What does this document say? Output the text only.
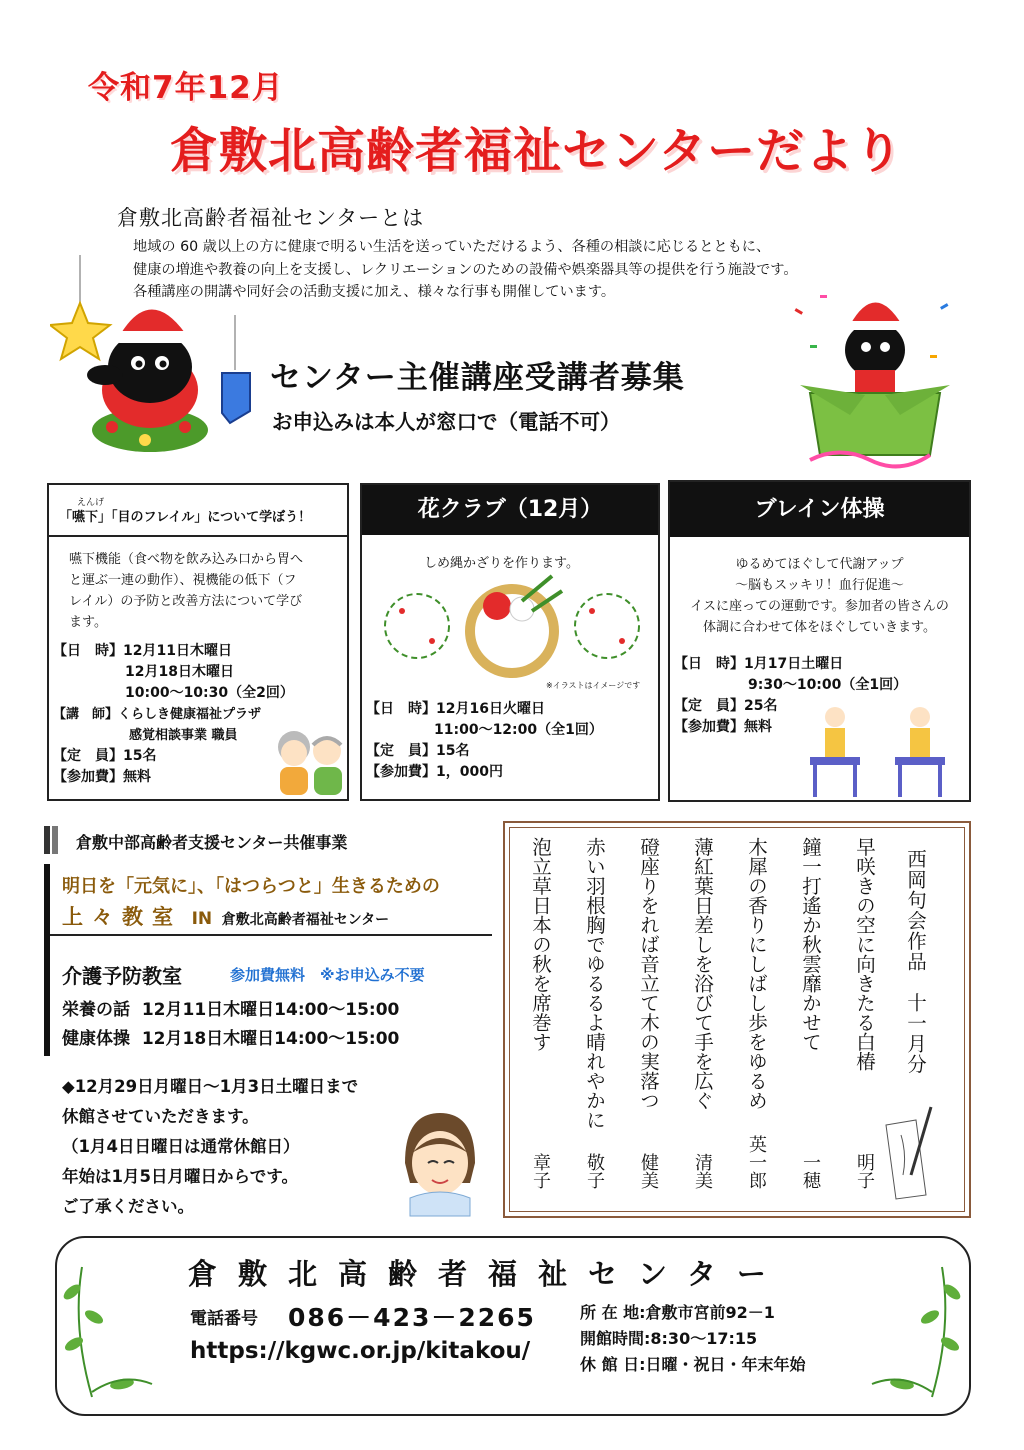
令和7年12月
倉敷北高齢者福祉センターだより
倉敷北高齢者福祉センターとは
地域の 60 歳以上の方に健康で明るい生活を送っていただけるよう、各種の相談に応じるとともに、
健康の増進や教養の向上を支援し、レクリエーションのための設備や娯楽器具等の提供を行う施設です。
各種講座の開講や同好会の活動支援に加え、様々な行事も開催しています。
センター主催講座受講者募集
お申込みは本人が窓口で（電話不可）
えんげ
「嚥下」「目のフレイル」について学ぼう！
嚥下機能（食べ物を飲み込み口から胃へ
と運ぶ一連の動作）、視機能の低下（フ
レイル）の予防と改善方法について学び
ます。
【日　時】12月11日木曜日
12月18日木曜日
10:00～10:30（全2回）
【講　師】くらしき健康福祉プラザ
感覚相談事業 職員
【定　員】15名
【参加費】無料
花クラブ（12月）
しめ縄かざりを作ります。
※イラストはイメージです
【日　時】12月16日火曜日
11:00～12:00（全1回）
【定　員】15名
【参加費】1，000円
ブレイン体操
ゆるめてほぐして代謝アップ
～脳もスッキリ！血行促進～
イスに座っての運動です。参加者の皆さんの
体調に合わせて体をほぐしていきます。
【日　時】1月17日土曜日
9:30～10:00（全1回）
【定　員】25名
【参加費】無料
倉敷中部高齢者支援センター共催事業
明日を「元気に」、「はつらつと」生きるための
上々教室 IN 倉敷北高齢者福祉センター
介護予防教室	参加費無料　※お申込み不要
栄養の話 12月11日木曜日14:00～15:00
健康体操 12月18日木曜日14:00～15:00
◆12月29日月曜日～1月3日土曜日まで
休館させていただきます。
（1月4日日曜日は通常休館日）
年始は1月5日月曜日からです。
ご了承ください。
西岡句会作品　十一月分
早咲きの空に向きたる白椿
明子
鐘一打遙か秋雲靡かせて
一穂
木犀の香りにしばし歩をゆるめ
英一郎
薄紅葉日差しを浴びて手を広ぐ
清美
磴座りをれば音立て木の実落つ
健美
赤い羽根胸でゆるるよ晴れやかに
敬子
泡立草日本の秋を席巻す
章子
倉敷北高齢者福祉センター
電話番号 086－423－2265
https://kgwc.or.jp/kitakou/
所 在 地:倉敷市宮前92－1
開館時間:8:30～17:15
休 館 日:日曜・祝日・年末年始
